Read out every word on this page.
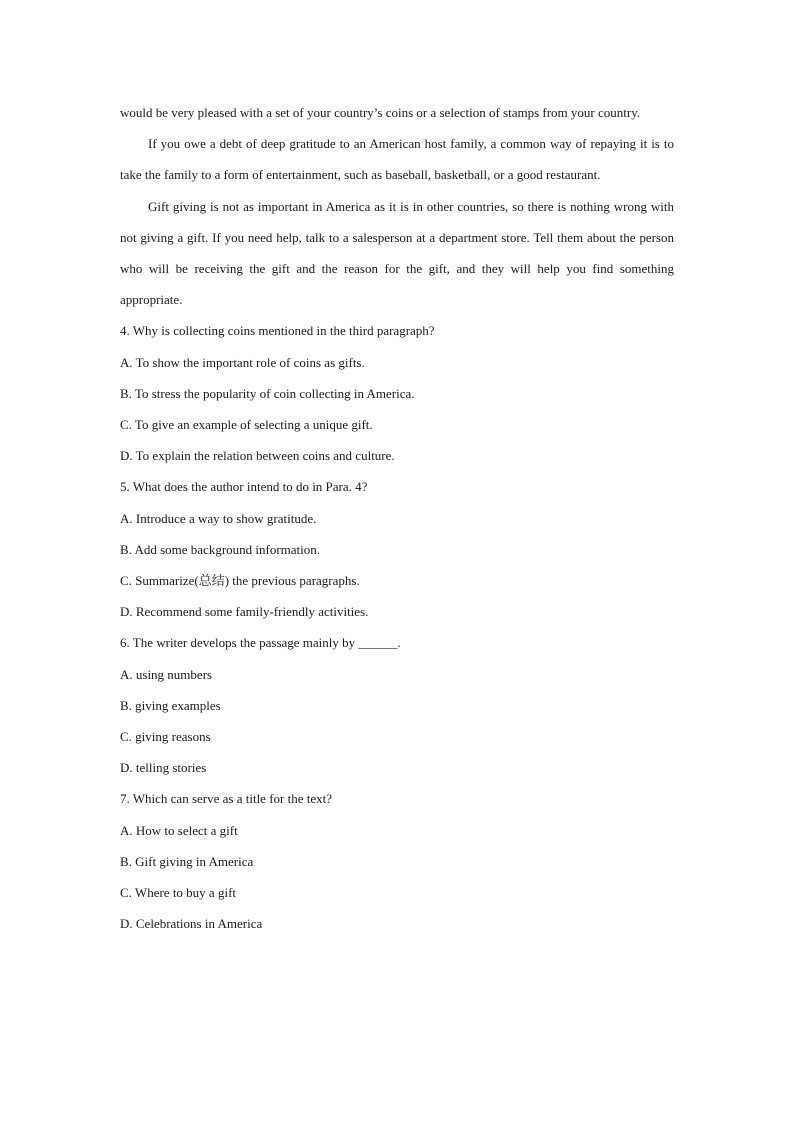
would be very pleased with a set of your country’s coins or a selection of stamps from your country.

If you owe a debt of deep gratitude to an American host family, a common way of repaying it is to take the family to a form of entertainment, such as baseball, basketball, or a good restaurant.

Gift giving is not as important in America as it is in other countries, so there is nothing wrong with not giving a gift. If you need help, talk to a salesperson at a department store. Tell them about the person who will be receiving the gift and the reason for the gift, and they will help you find something appropriate.

4. Why is collecting coins mentioned in the third paragraph?

A. To show the important role of coins as gifts.

B. To stress the popularity of coin collecting in America.

C. To give an example of selecting a unique gift.

D. To explain the relation between coins and culture.

5. What does the author intend to do in Para. 4?

A. Introduce a way to show gratitude.

B. Add some background information.

C. Summarize(总结) the previous paragraphs.

D. Recommend some family-friendly activities.

6. The writer develops the passage mainly by ______.

A. using numbers

B. giving examples

C. giving reasons

D. telling stories

7. Which can serve as a title for the text?

A. How to select a gift

B. Gift giving in America

C. Where to buy a gift

D. Celebrations in America
